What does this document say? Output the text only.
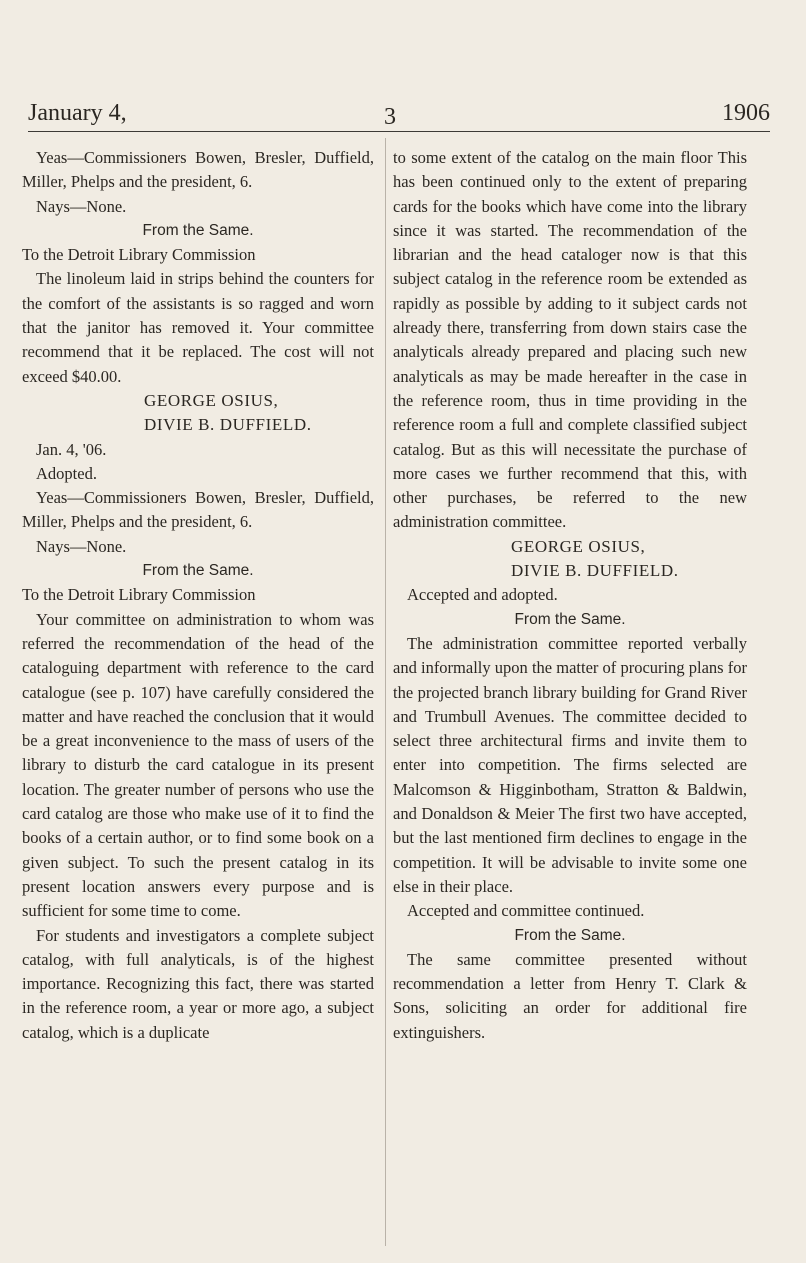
January 4,	3	1906

Yeas—Commissioners Bowen, Bresler, Duffield, Miller, Phelps and the president, 6.

Nays—None.

From the Same.

To the Detroit Library Commission

The linoleum laid in strips behind the counters for the comfort of the assistants is so ragged and worn that the janitor has removed it. Your committee recommend that it be replaced. The cost will not exceed $40.00.

GEORGE OSIUS,

DIVIE B. DUFFIELD.

Jan. 4, '06.

Adopted.

Yeas—Commissioners Bowen, Bresler, Duffield, Miller, Phelps and the president, 6.

Nays—None.

From the Same.

To the Detroit Library Commission

Your committee on administration to whom was referred the recommendation of the head of the cataloguing department with reference to the card catalogue (see p. 107) have carefully considered the matter and have reached the conclusion that it would be a great inconvenience to the mass of users of the library to disturb the card catalogue in its present location. The greater number of persons who use the card catalog are those who make use of it to find the books of a certain author, or to find some book on a given subject. To such the present catalog in its present location answers every purpose and is sufficient for some time to come.

For students and investigators a complete subject catalog, with full analyticals, is of the highest importance. Recognizing this fact, there was started in the reference room, a year or more ago, a subject catalog, which is a duplicate

to some extent of the catalog on the main floor This has been continued only to the extent of preparing cards for the books which have come into the library since it was started. The recommendation of the librarian and the head cataloger now is that this subject catalog in the reference room be extended as rapidly as possible by adding to it subject cards not already there, transferring from down stairs case the analyticals already prepared and placing such new analyticals as may be made hereafter in the case in the reference room, thus in time providing in the reference room a full and complete classified subject catalog. But as this will necessitate the purchase of more cases we further recommend that this, with other purchases, be referred to the new administration committee.

GEORGE OSIUS,

DIVIE B. DUFFIELD.

Accepted and adopted.

From the Same.

The administration committee reported verbally and informally upon the matter of procuring plans for the projected branch library building for Grand River and Trumbull Avenues. The committee decided to select three architectural firms and invite them to enter into competition. The firms selected are Malcomson & Higginbotham, Stratton & Baldwin, and Donaldson & Meier The first two have accepted, but the last mentioned firm declines to engage in the competition. It will be advisable to invite some one else in their place.

Accepted and committee continued.

From the Same.

The same committee presented without recommendation a letter from Henry T. Clark & Sons, soliciting an order for additional fire extinguishers.
